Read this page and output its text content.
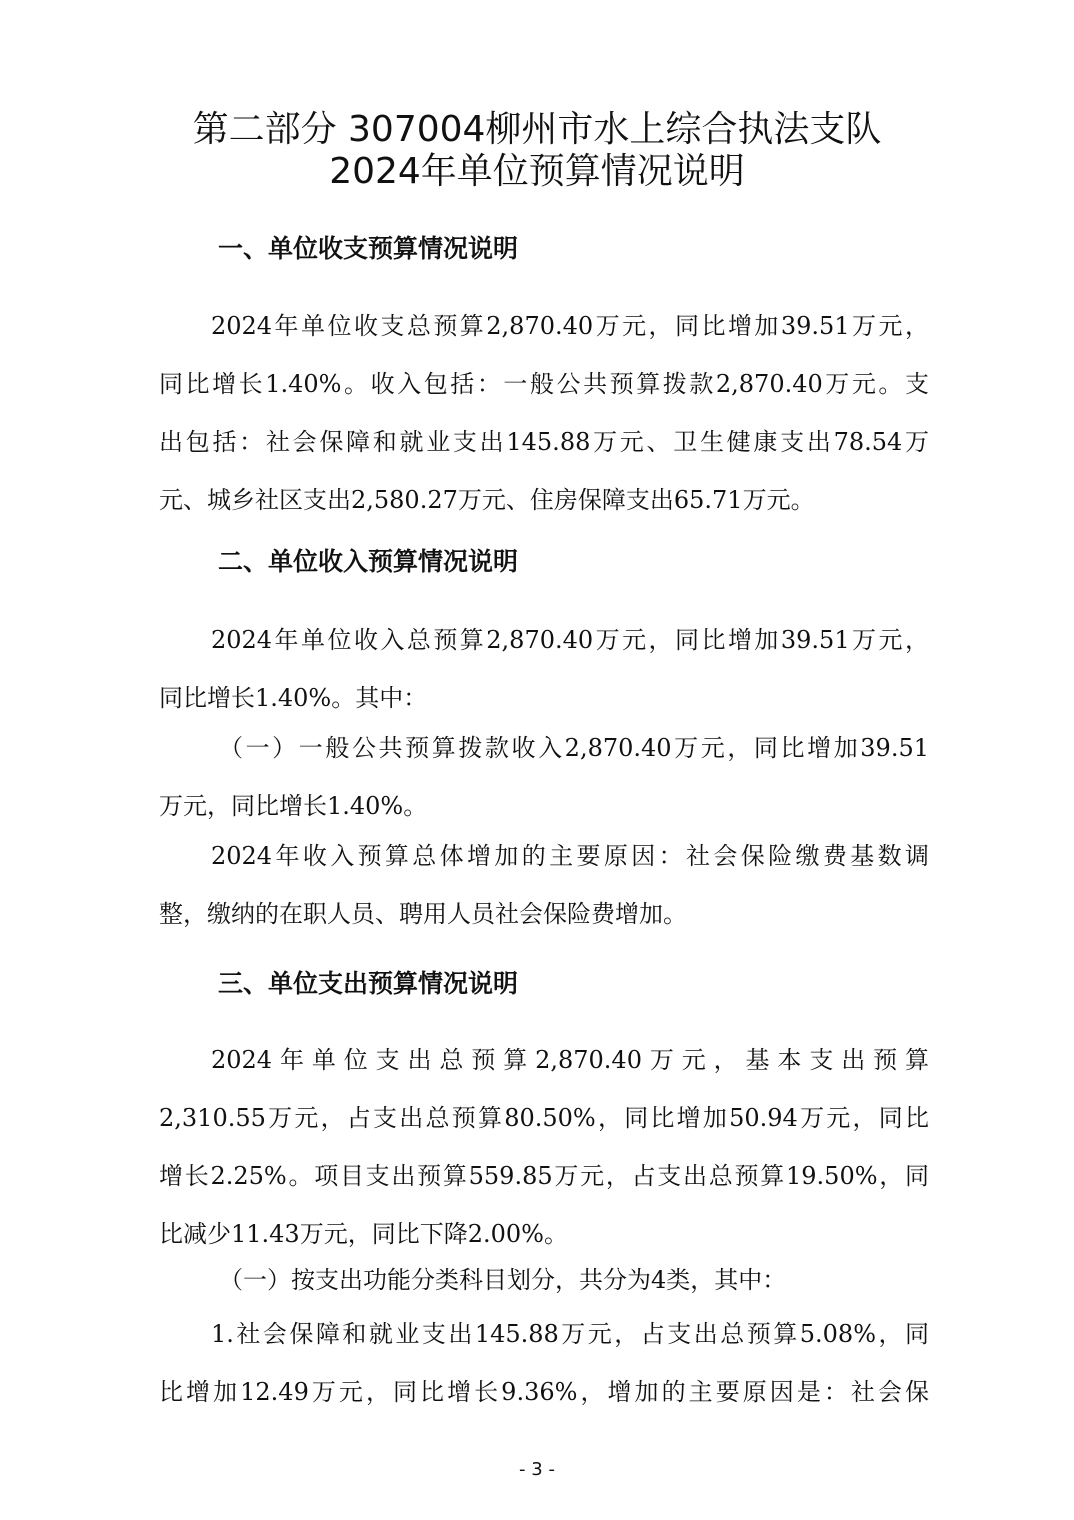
第二部分 307004柳州市水上综合执法支队
2024年单位预算情况说明
一、单位收支预算情况说明
2024年单位收支总预算2,870.40万元，同比增加39.51万元，
同比增长1.40%。收入包括：一般公共预算拨款2,870.40万元。支
出包括：社会保障和就业支出145.88万元、卫生健康支出78.54万
元、城乡社区支出2,580.27万元、住房保障支出65.71万元。
二、单位收入预算情况说明
2024年单位收入总预算2,870.40万元，同比增加39.51万元，
同比增长1.40%。其中：
（一）一般公共预算拨款收入2,870.40万元，同比增加39.51
万元，同比增长1.40%。
2024年收入预算总体增加的主要原因：社会保险缴费基数调
整，缴纳的在职人员、聘用人员社会保险费增加。
三、单位支出预算情况说明
2024年单位支出总预算2,870.40万元，基本支出预算
2,310.55万元，占支出总预算80.50%，同比增加50.94万元，同比
增长2.25%。项目支出预算559.85万元，占支出总预算19.50%，同
比减少11.43万元，同比下降2.00%。
（一）按支出功能分类科目划分，共分为4类，其中：
1.社会保障和就业支出145.88万元，占支出总预算5.08%，同
比增加12.49万元，同比增长9.36%，增加的主要原因是：社会保
- 3 -
